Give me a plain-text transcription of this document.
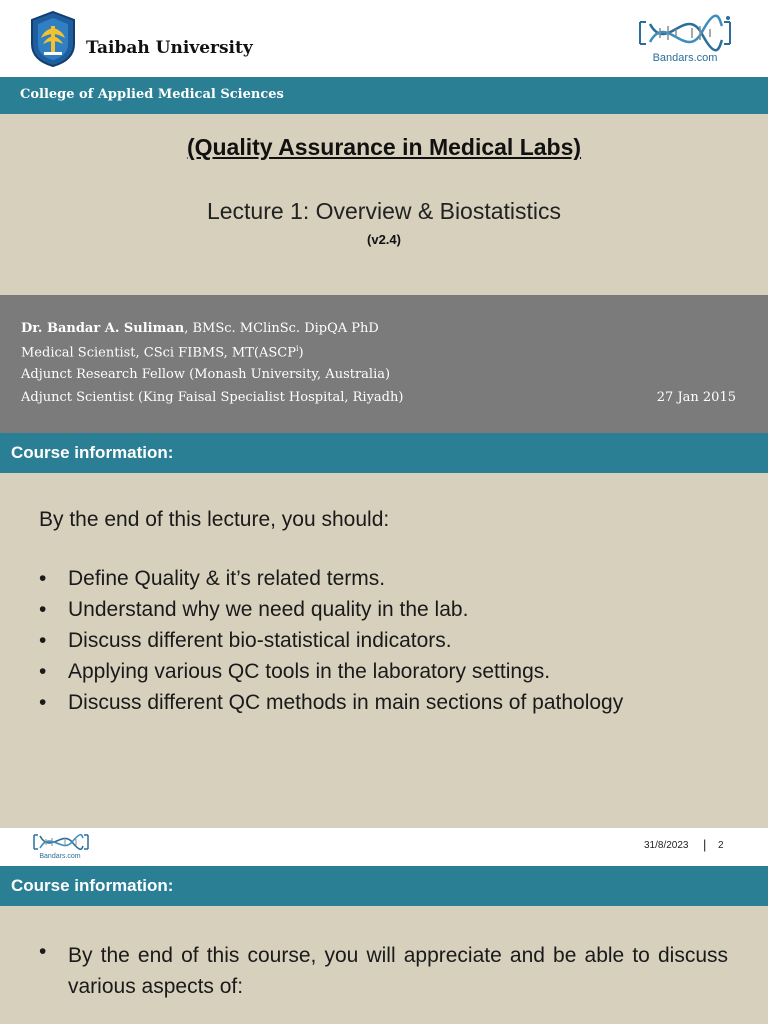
Taibah University	Bandars.com
College of Applied Medical Sciences
(Quality Assurance in Medical Labs)
Lecture 1: Overview & Biostatistics
(v2.4)
Dr. Bandar A. Suliman, BMSc. MClinSc. DipQA PhD
Medical Scientist, CSci FIBMS, MT(ASCP$^i$)
Adjunct Research Fellow (Monash University, Australia)
Adjunct Scientist (King Faisal Specialist Hospital, Riyadh)	27 Jan 2015
Course information:
By the end of this lecture, you should:
• Define Quality & it’s related terms.
• Understand why we need quality in the lab.
• Discuss different bio-statistical indicators.
• Applying various QC tools in the laboratory settings.
• Discuss different QC methods in main sections of pathology
Bandars.com
31/8/2023 | 2
Course information:
• By the end of this course, you will appreciate and be able to discuss various aspects of:
